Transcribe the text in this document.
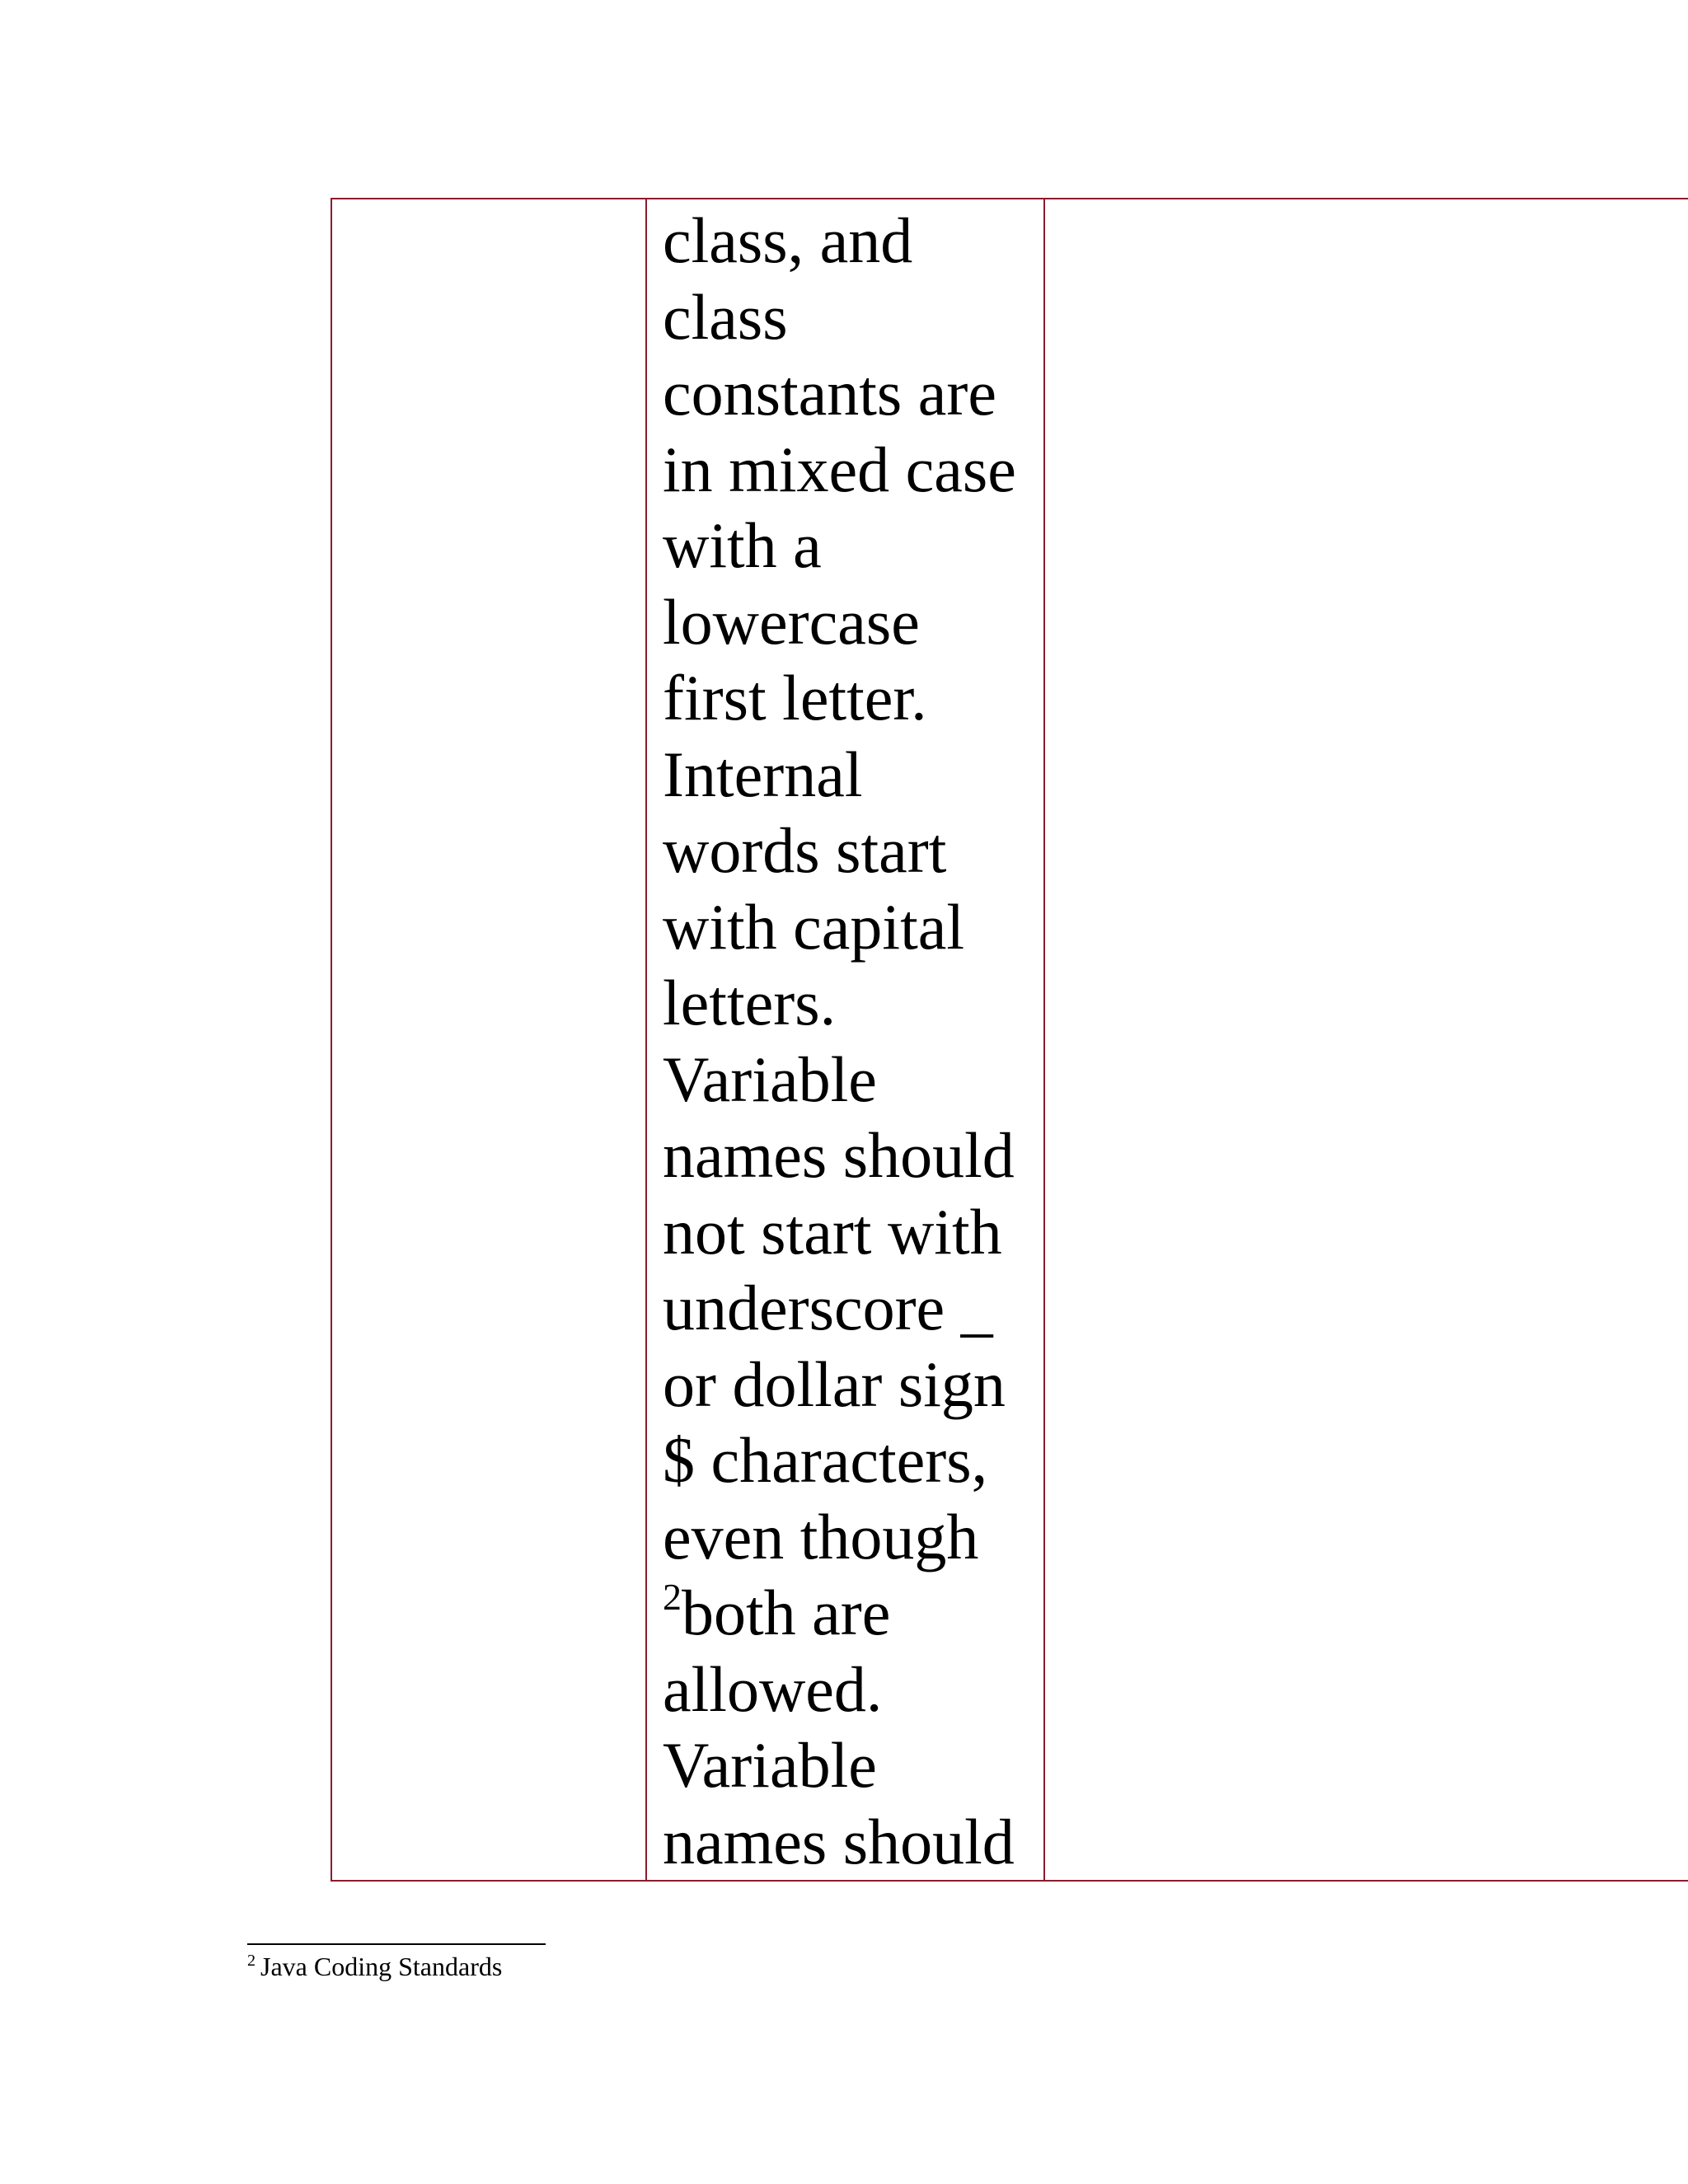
class, and
class
constants are
in mixed case
with a
lowercase
first letter.
Internal
words start
with capital
letters.
Variable
names should
not start with
underscore _
or dollar sign
$ characters,
even though
$^2$both are
allowed.
Variable
names should

$^2$ Java Coding Standards
